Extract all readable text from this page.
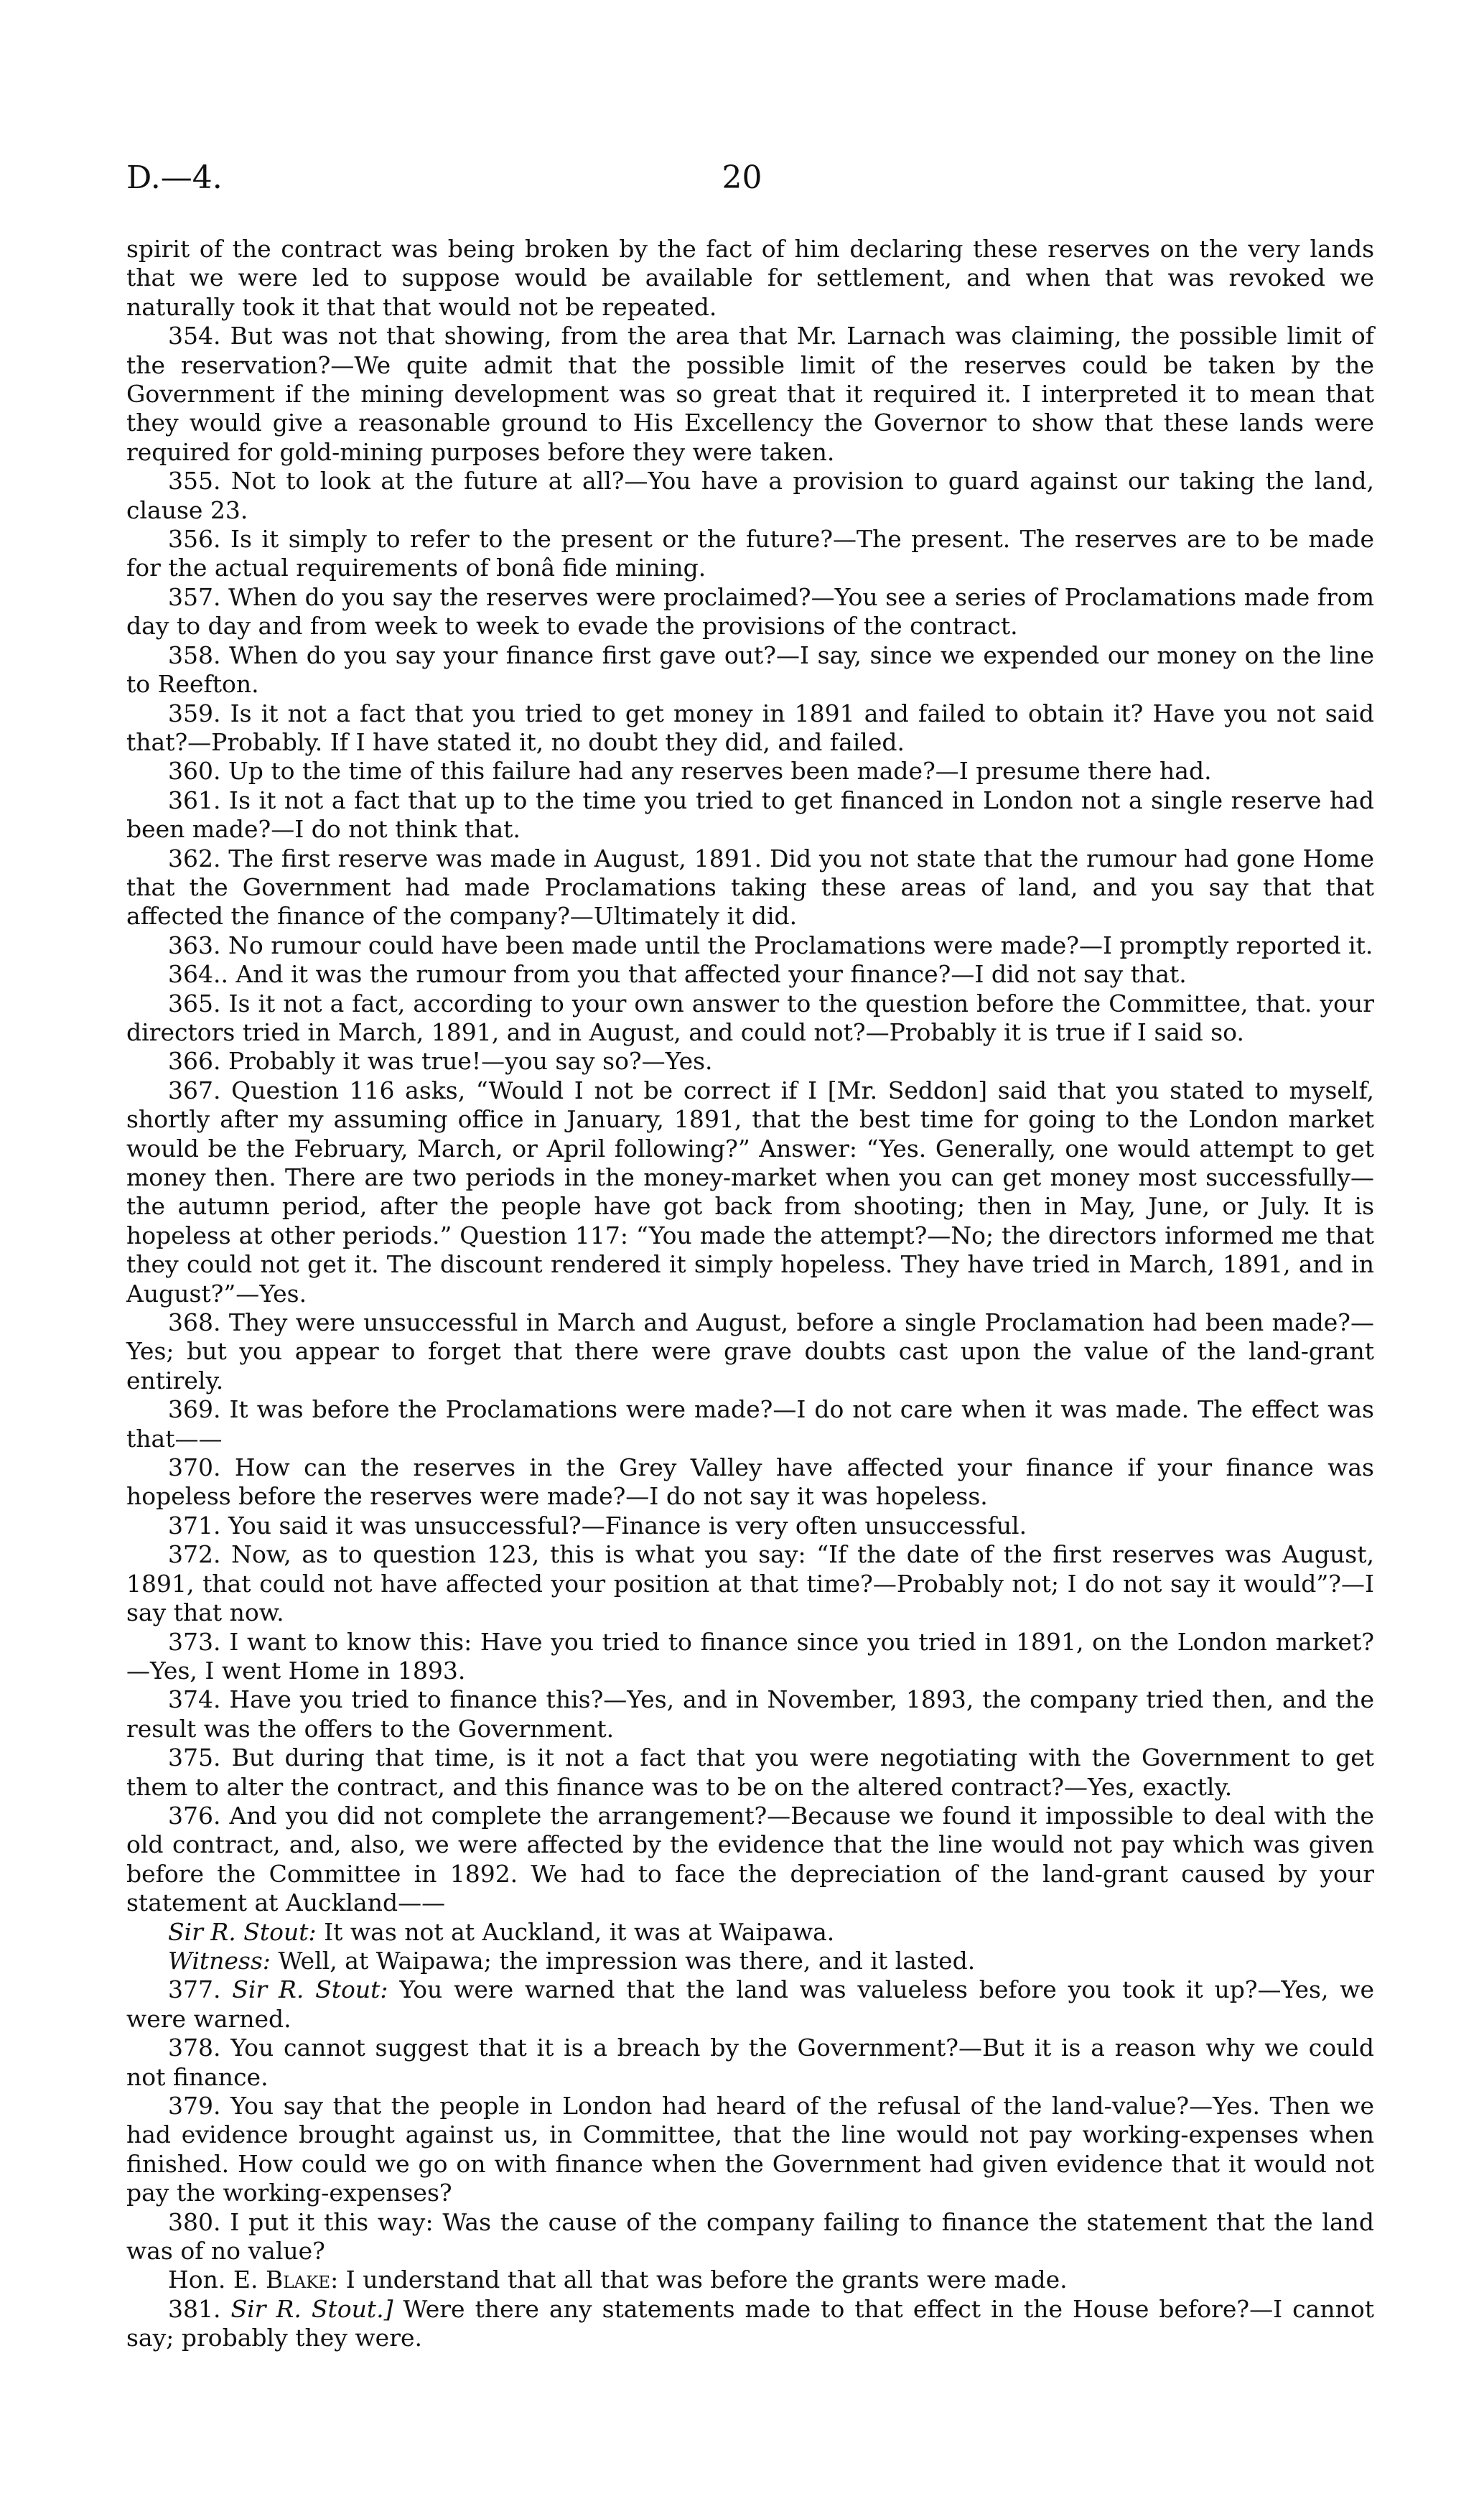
D.—4.	20

spirit of the contract was being broken by the fact of him declaring these reserves on the very lands that we were led to suppose would be available for settlement, and when that was revoked we naturally took it that that would not be repeated.

354. But was not that showing, from the area that Mr. Larnach was claiming, the possible limit of the reservation?—We quite admit that the possible limit of the reserves could be taken by the Government if the mining development was so great that it required it. I interpreted it to mean that they would give a reasonable ground to His Excellency the Governor to show that these lands were required for gold-mining purposes before they were taken.

355. Not to look at the future at all?—You have a provision to guard against our taking the land, clause 23.

356. Is it simply to refer to the present or the future?—The present. The reserves are to be made for the actual requirements of bonâ fide mining.

357. When do you say the reserves were proclaimed?—You see a series of Proclamations made from day to day and from week to week to evade the provisions of the contract.

358. When do you say your finance first gave out?—I say, since we expended our money on the line to Reefton.

359. Is it not a fact that you tried to get money in 1891 and failed to obtain it? Have you not said that?—Probably. If I have stated it, no doubt they did, and failed.

360. Up to the time of this failure had any reserves been made?—I presume there had.

361. Is it not a fact that up to the time you tried to get financed in London not a single reserve had been made?—I do not think that.

362. The first reserve was made in August, 1891. Did you not state that the rumour had gone Home that the Government had made Proclamations taking these areas of land, and you say that that affected the finance of the company?—Ultimately it did.

363. No rumour could have been made until the Proclamations were made?—I promptly reported it.

364.. And it was the rumour from you that affected your finance?—I did not say that.

365. Is it not a fact, according to your own answer to the question before the Committee, that. your directors tried in March, 1891, and in August, and could not?—Probably it is true if I said so.

366. Probably it was true!—you say so?—Yes.

367. Question 116 asks, “Would I not be correct if I [Mr. Seddon] said that you stated to myself, shortly after my assuming office in January, 1891, that the best time for going to the London market would be the February, March, or April following?” Answer: “Yes. Generally, one would attempt to get money then. There are two periods in the money-market when you can get money most successfully—the autumn period, after the people have got back from shooting; then in May, June, or July. It is hopeless at other periods.” Question 117: “You made the attempt?—No; the directors informed me that they could not get it. The discount rendered it simply hopeless. They have tried in March, 1891, and in August?”—Yes.

368. They were unsuccessful in March and August, before a single Proclamation had been made?—Yes; but you appear to forget that there were grave doubts cast upon the value of the land-grant entirely.

369. It was before the Proclamations were made?—I do not care when it was made. The effect was that——

370. How can the reserves in the Grey Valley have affected your finance if your finance was hopeless before the reserves were made?—I do not say it was hopeless.

371. You said it was unsuccessful?—Finance is very often unsuccessful.

372. Now, as to question 123, this is what you say: “If the date of the first reserves was August, 1891, that could not have affected your position at that time?—Probably not; I do not say it would”?—I say that now.

373. I want to know this: Have you tried to finance since you tried in 1891, on the London market?—Yes, I went Home in 1893.

374. Have you tried to finance this?—Yes, and in November, 1893, the company tried then, and the result was the offers to the Government.

375. But during that time, is it not a fact that you were negotiating with the Government to get them to alter the contract, and this finance was to be on the altered contract?—Yes, exactly.

376. And you did not complete the arrangement?—Because we found it impossible to deal with the old contract, and, also, we were affected by the evidence that the line would not pay which was given before the Committee in 1892. We had to face the depreciation of the land-grant caused by your statement at Auckland——

Sir R. Stout: It was not at Auckland, it was at Waipawa.

Witness: Well, at Waipawa; the impression was there, and it lasted.

377. Sir R. Stout: You were warned that the land was valueless before you took it up?—Yes, we were warned.

378. You cannot suggest that it is a breach by the Government?—But it is a reason why we could not finance.

379. You say that the people in London had heard of the refusal of the land-value?—Yes. Then we had evidence brought against us, in Committee, that the line would not pay working-expenses when finished. How could we go on with finance when the Government had given evidence that it would not pay the working-expenses?

380. I put it this way: Was the cause of the company failing to finance the statement that the land was of no value?

Hon. E. Blake: I understand that all that was before the grants were made.

381. Sir R. Stout.] Were there any statements made to that effect in the House before?—I cannot say; probably they were.
